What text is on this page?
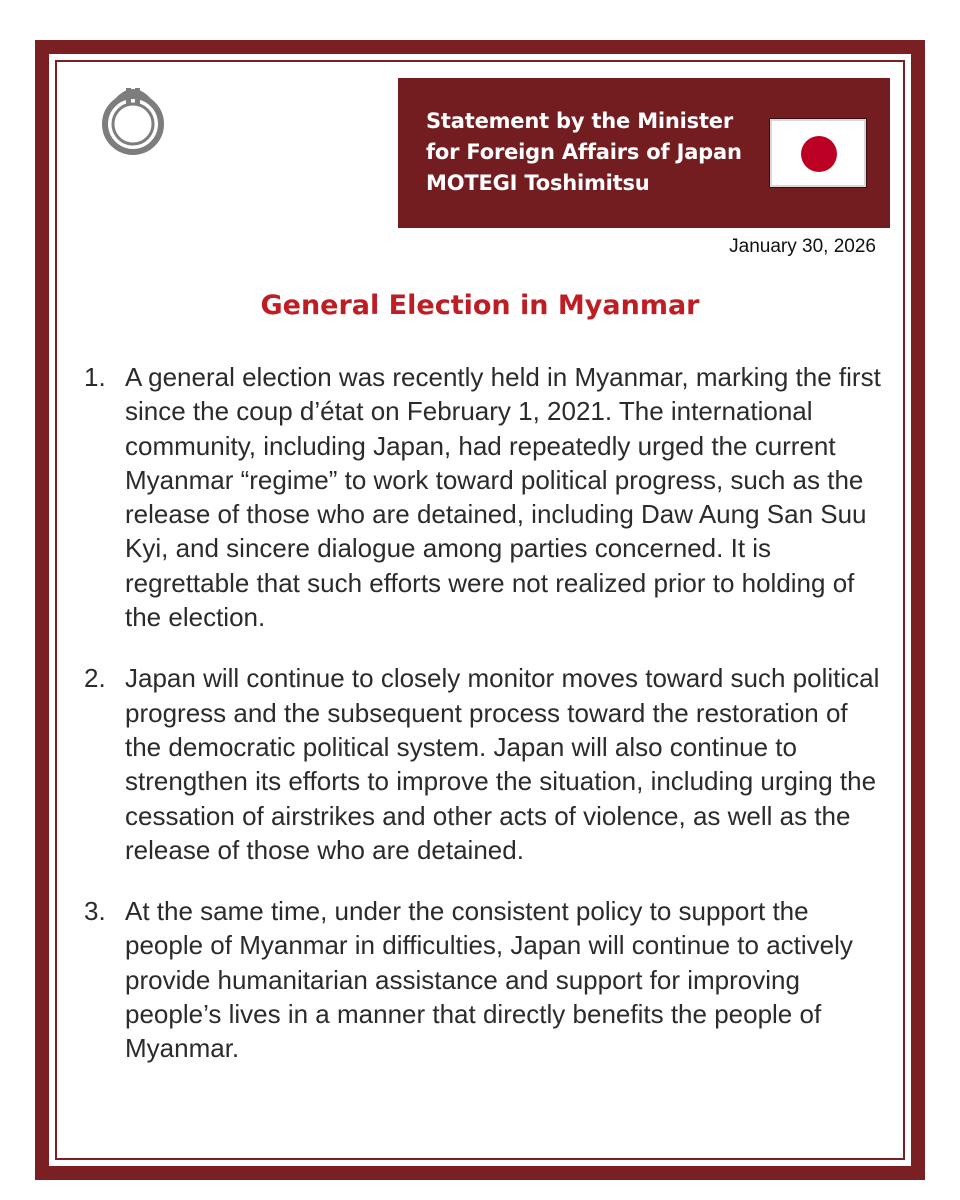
Statement by the Minister
for Foreign Affairs of Japan
MOTEGI Toshimitsu
January 30, 2026
General Election in Myanmar
1. A general election was recently held in Myanmar, marking the first since the coup d’état on February 1, 2021. The international community, including Japan, had repeatedly urged the current Myanmar “regime” to work toward political progress, such as the release of those who are detained, including Daw Aung San Suu Kyi, and sincere dialogue among parties concerned. It is regrettable that such efforts were not realized prior to holding of the election.
2. Japan will continue to closely monitor moves toward such political progress and the subsequent process toward the restoration of the democratic political system. Japan will also continue to strengthen its efforts to improve the situation, including urging the cessation of airstrikes and other acts of violence, as well as the release of those who are detained.
3. At the same time, under the consistent policy to support the people of Myanmar in difficulties, Japan will continue to actively provide humanitarian assistance and support for improving people’s lives in a manner that directly benefits the people of Myanmar.
